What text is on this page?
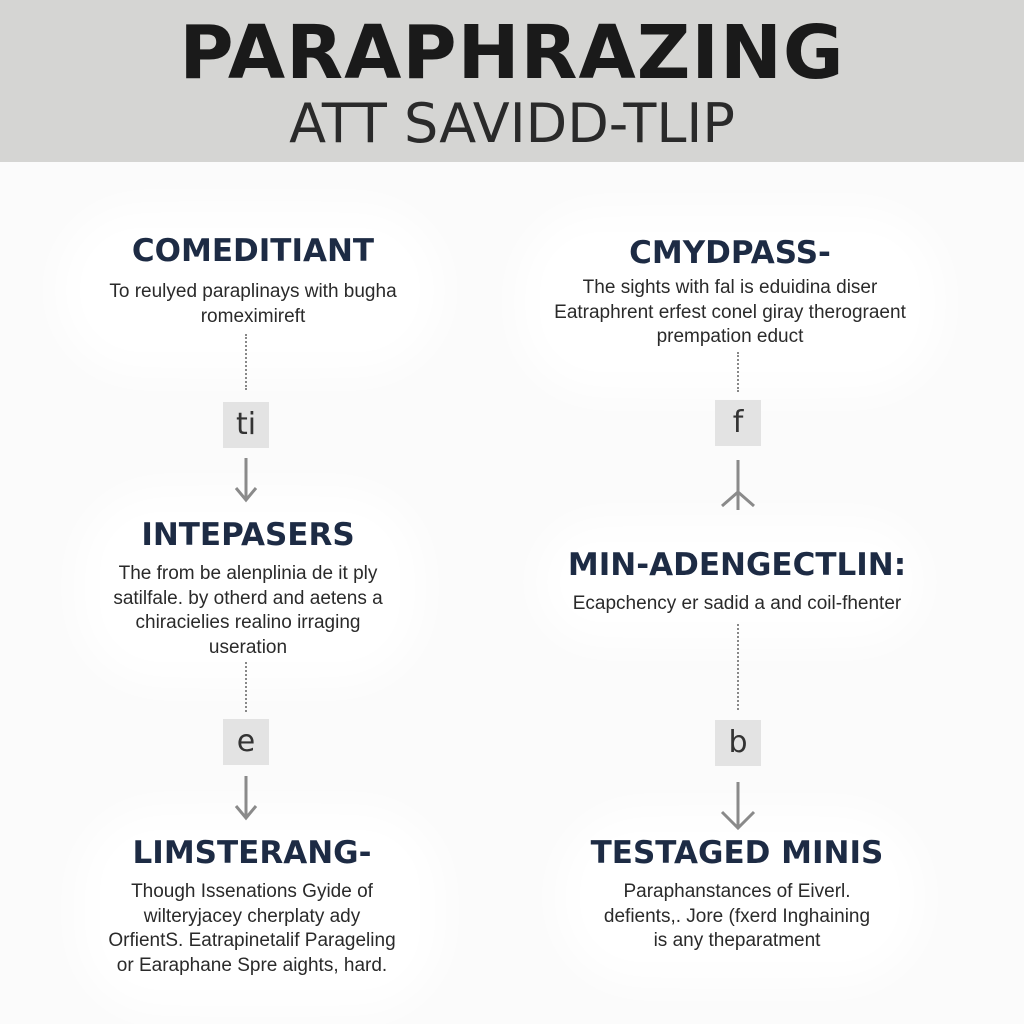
PARAPHRAZING
ATT SAVIDD-TLIP
COMEDITIANT
To reulyed paraplinays with bugha
romeximireft
ti
INTEPASERS
The from be alenplinia de it ply
satilfale. by otherd and aetens a
chiracielies realino irraging
useration
e
LIMSTERANG-
Though Issenations Gyide of
wilteryjacey cherplaty ady
OrfientS. Eatrapinetalif Parageling
or Earaphane Spre aights, hard.
CMYDPASS-
The sights with fal is eduidina diser
Eatraphrent erfest conel giray therograent
prempation educt
f
MIN-ADENGECTLIN:
Ecapchency er sadid a and coil-fhenter
b
TESTAGED MINIS
Paraphanstances of Eiverl.
defients,. Jore (fxerd Inghaining
is any theparatment
